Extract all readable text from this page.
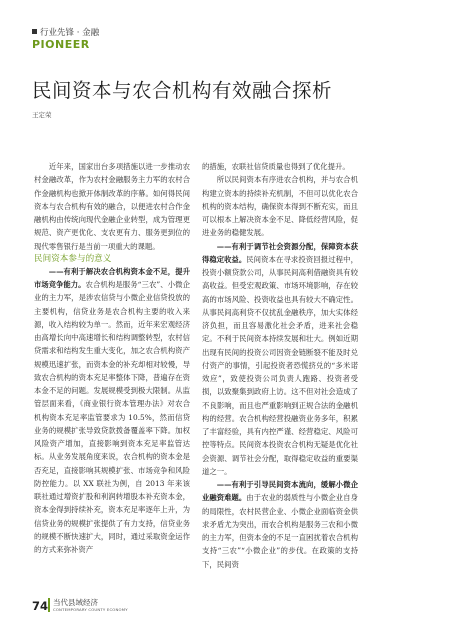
行业先锋 · 金融
PIONEER
民间资本与农合机构有效融合探析
王定荣

近年来，国家出台多项措施以进一步推动农村金融改革，作为农村金融服务主力军的农村合作金融机构也掀开体制改革的序幕。如何得民间资本与农合机构有效的融合，以便进农村合作金融机构由传统向现代金融企业转型，成为管理更规范、资产更优化、支农更有力、服务更到位的现代零售银行是当前一项重大的课题。

民间资本参与的意义

——有利于解决农合机构资本金不足，提升市场竞争能力。农合机构是服务“三农”、小微企业的主力军，是涉农信贷与小微企业信贷投放的主要机构，信贷业务是农合机构主要的收入来源，收入结构较为单一。然而，近年来宏观经济由高增长向中高速增长和结构调整转型，农村信贷需求和结构发生重大变化，加之农合机构资产规模迅速扩张，而资本金的补充却相对较慢，导致农合机构的资本充足率整体下降，普遍存在资本金不足的问题。发展规模受到极大限制。从监管层面来看，《商业银行资本管理办法》对农合机构资本充足率监管要求为 10.5%，然而信贷业务的规模扩张导致贷款拨备覆盖率下降。加权风险资产增加，直接影响到资本充足率监管达标。从业务发展角度来说，农合机构的资本金是否充足，直接影响其规模扩张、市场竞争和风险防控能力。以 XX 联社为例，自 2013 年来该联社通过增资扩股和利润转增股本补充资本金，资本金得到持续补充，资本充足率逐年上升，为信贷业务的规模扩张提供了有力支持，信贷业务的规模不断快速扩大，同时，通过采取资金运作的方式来弥补资产

的措施，农联社信贷质量也得到了优化提升。

所以民间资本有序进农合机构，并与农合机构建立资本的持续补充机制，不但可以优化农合机构的资本结构，确保资本得到不断充实，而且可以根本上解决资本金不足、降低经营风险，促进业务的稳健发展。

——有利于调节社会资源分配，保障资本获得稳定收益。民间资本在寻求投资回报过程中，投资小额贷款公司，从事民间高利借融资具有较高收益。但受宏观政策、市场环境影响，存在较高的市场风险、投资收益也具有较大不确定性。从事民间高利贷不仅扰乱金融秩序，加大实体经济负担，而且容易激化社会矛盾，进来社会稳定。不利于民间资本持续发展和壮大。例如近期出现有民间的投资公司因资金链断裂不能及时兑付资产的事情，引起投资者恐慌挤兑的“多米诺效应”，致使投资公司负责人跑路、投资者受损，以致聚集到政府上访。这不但对社会造成了不良影响，而且也严重影响到正规合法的金融机构的经营。农合机构经营投融资业务多年，积累了丰富经验，具有内控严谨、经营稳定、风险可控等特点。民间资本投资农合机构无疑是优化社会资源、调节社会分配，取得稳定收益的重要渠道之一。

——有利于引导民间资本流向，缓解小微企业融资难题。由于农业的弱质性与小微企业自身的局限性，农村民营企业、小微企业面临资金供求矛盾尤为突出，而农合机构是服务三农和小微的主力军，但资本金的不足一直困扰着农合机构支持“三农”“小微企业”的步伐。在政策的支持下，民间资

74 当代县域经济
CONTEMPORARY COUNTY ECONOMY
